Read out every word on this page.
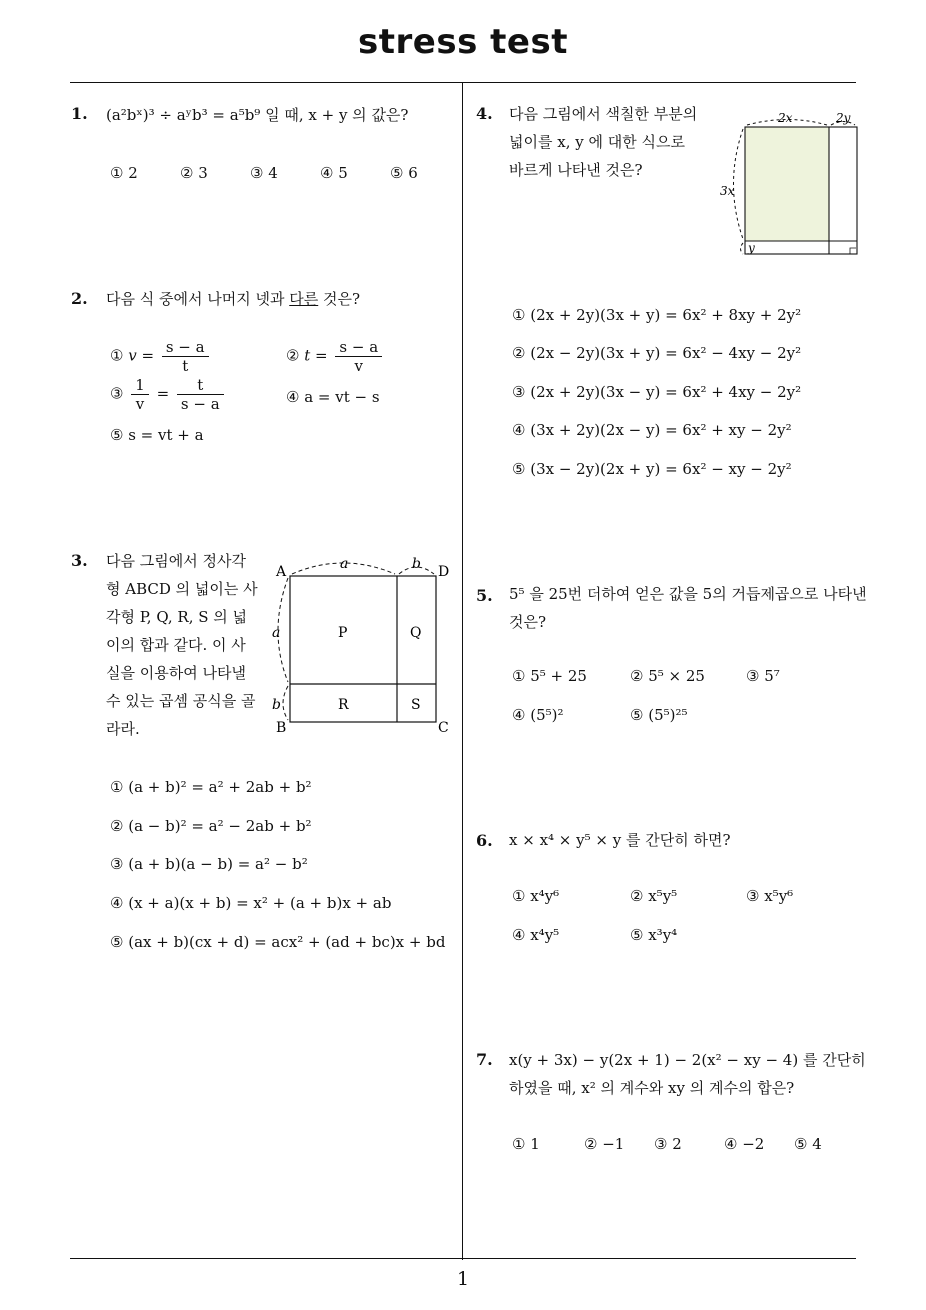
stress test
1
1. (a²bˣ)³ ÷ aʸb³ = a⁵b⁹ 일 때, x + y 의 값은?
① 2	② 3	③ 4	④ 5	⑤ 6
2. 다음 식 중에서 나머지 넷과 다른 것은?
① $v = \frac{s - a}{t}$	② $t = \frac{s - a}{v}$
③ $\frac{1}{v} = \frac{t}{s - a}$	④ a = vt − s
⑤ s = vt + a
3. 다음 그림에서 정사각
형 ABCD 의 넓이는 사
각형 P, Q, R, S 의 넓
이의 합과 같다. 이 사
실을 이용하여 나타낼
수 있는 곱셈 공식을 골
라라.
A
B	C
D
a	b
a
b
P	Q
R	S
① (a + b)² = a² + 2ab + b²
② (a − b)² = a² − 2ab + b²
③ (a + b)(a − b) = a² − b²
④ (x + a)(x + b) = x² + (a + b)x + ab
⑤ (ax + b)(cx + d) = acx² + (ad + bc)x + bd
4. 다음 그림에서 색칠한 부분의
넓이를 x, y 에 대한 식으로
바르게 나타낸 것은?
2x	2y
3x
y
① (2x + 2y)(3x + y) = 6x² + 8xy + 2y²
② (2x − 2y)(3x + y) = 6x² − 4xy − 2y²
③ (2x + 2y)(3x − y) = 6x² + 4xy − 2y²
④ (3x + 2y)(2x − y) = 6x² + xy − 2y²
⑤ (3x − 2y)(2x + y) = 6x² − xy − 2y²
5. 5⁵ 을 25번 더하여 얻은 값을 5의 거듭제곱으로 나타낸
것은?
① 5⁵ + 25	② 5⁵ × 25	③ 5⁷
④ (5⁵)²	⑤ (5⁵)²⁵
6. x × x⁴ × y⁵ × y 를 간단히 하면?
① x⁴y⁶	② x⁵y⁵	③ x⁵y⁶
④ x⁴y⁵	⑤ x³y⁴
7. x(y + 3x) − y(2x + 1) − 2(x² − xy − 4) 를 간단히
하였을 때, x² 의 계수와 xy 의 계수의 합은?
① 1	② −1 ③ 2	④ −2 ⑤ 4
